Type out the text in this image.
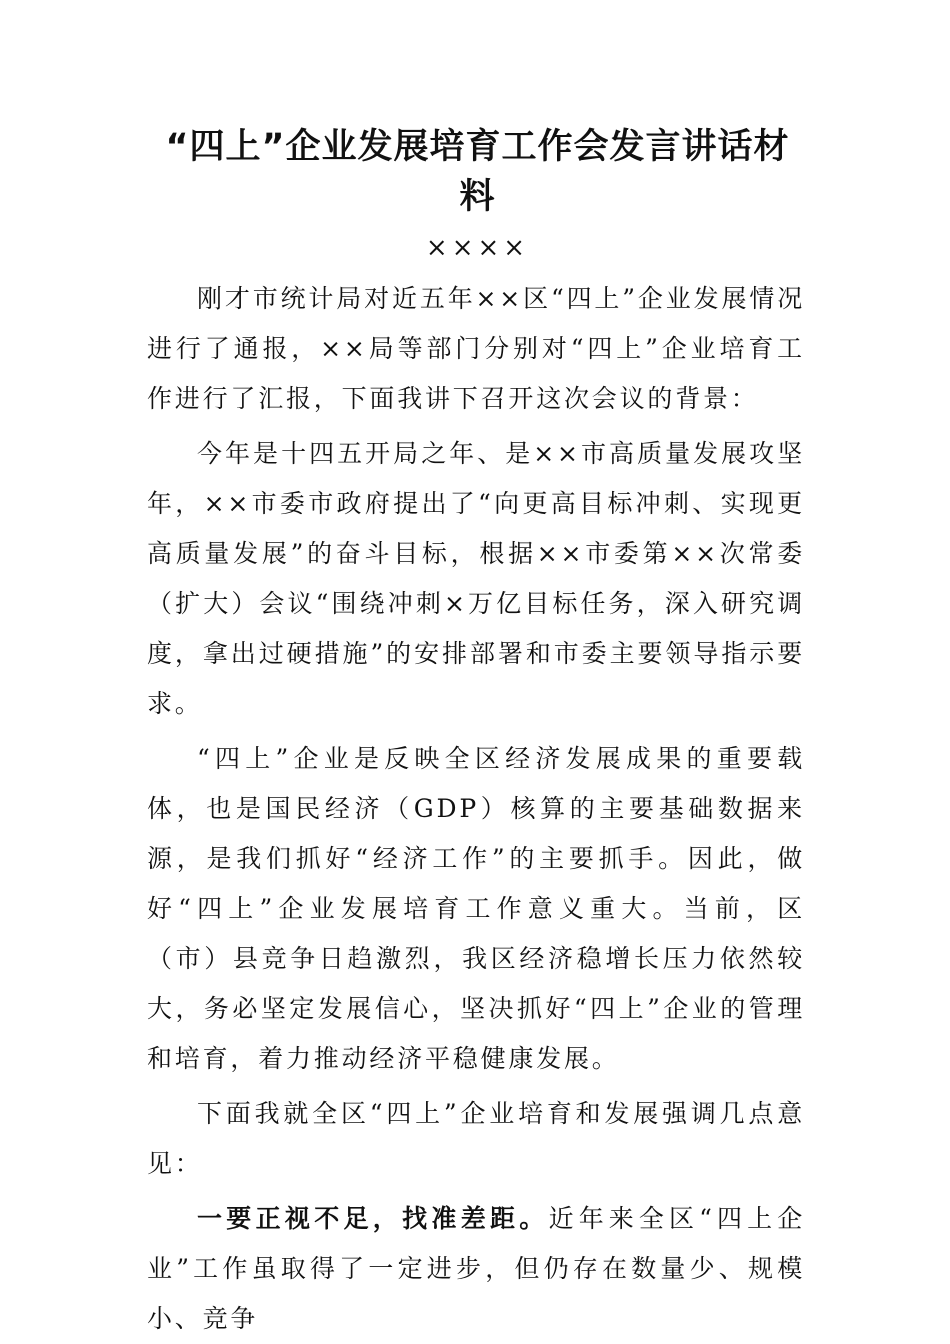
“四上”企业发展培育工作会发言讲话材料
××××

刚才市统计局对近五年××区“四上”企业发展情况进行了通报，××局等部门分别对“四上”企业培育工作进行了汇报，下面我讲下召开这次会议的背景：

今年是十四五开局之年、是××市高质量发展攻坚年，××市委市政府提出了“向更高目标冲刺、实现更高质量发展”的奋斗目标，根据××市委第××次常委（扩大）会议“围绕冲刺×万亿目标任务，深入研究调度，拿出过硬措施”的安排部署和市委主要领导指示要求。

“四上”企业是反映全区经济发展成果的重要载体，也是国民经济（GDP）核算的主要基础数据来源，是我们抓好“经济工作”的主要抓手。因此，做好“四上”企业发展培育工作意义重大。当前，区（市）县竞争日趋激烈，我区经济稳增长压力依然较大，务必坚定发展信心，坚决抓好“四上”企业的管理和培育，着力推动经济平稳健康发展。

下面我就全区“四上”企业培育和发展强调几点意见：

一要正视不足，找准差距。近年来全区“四上企业”工作虽取得了一定进步，但仍存在数量少、规模小、竞争
